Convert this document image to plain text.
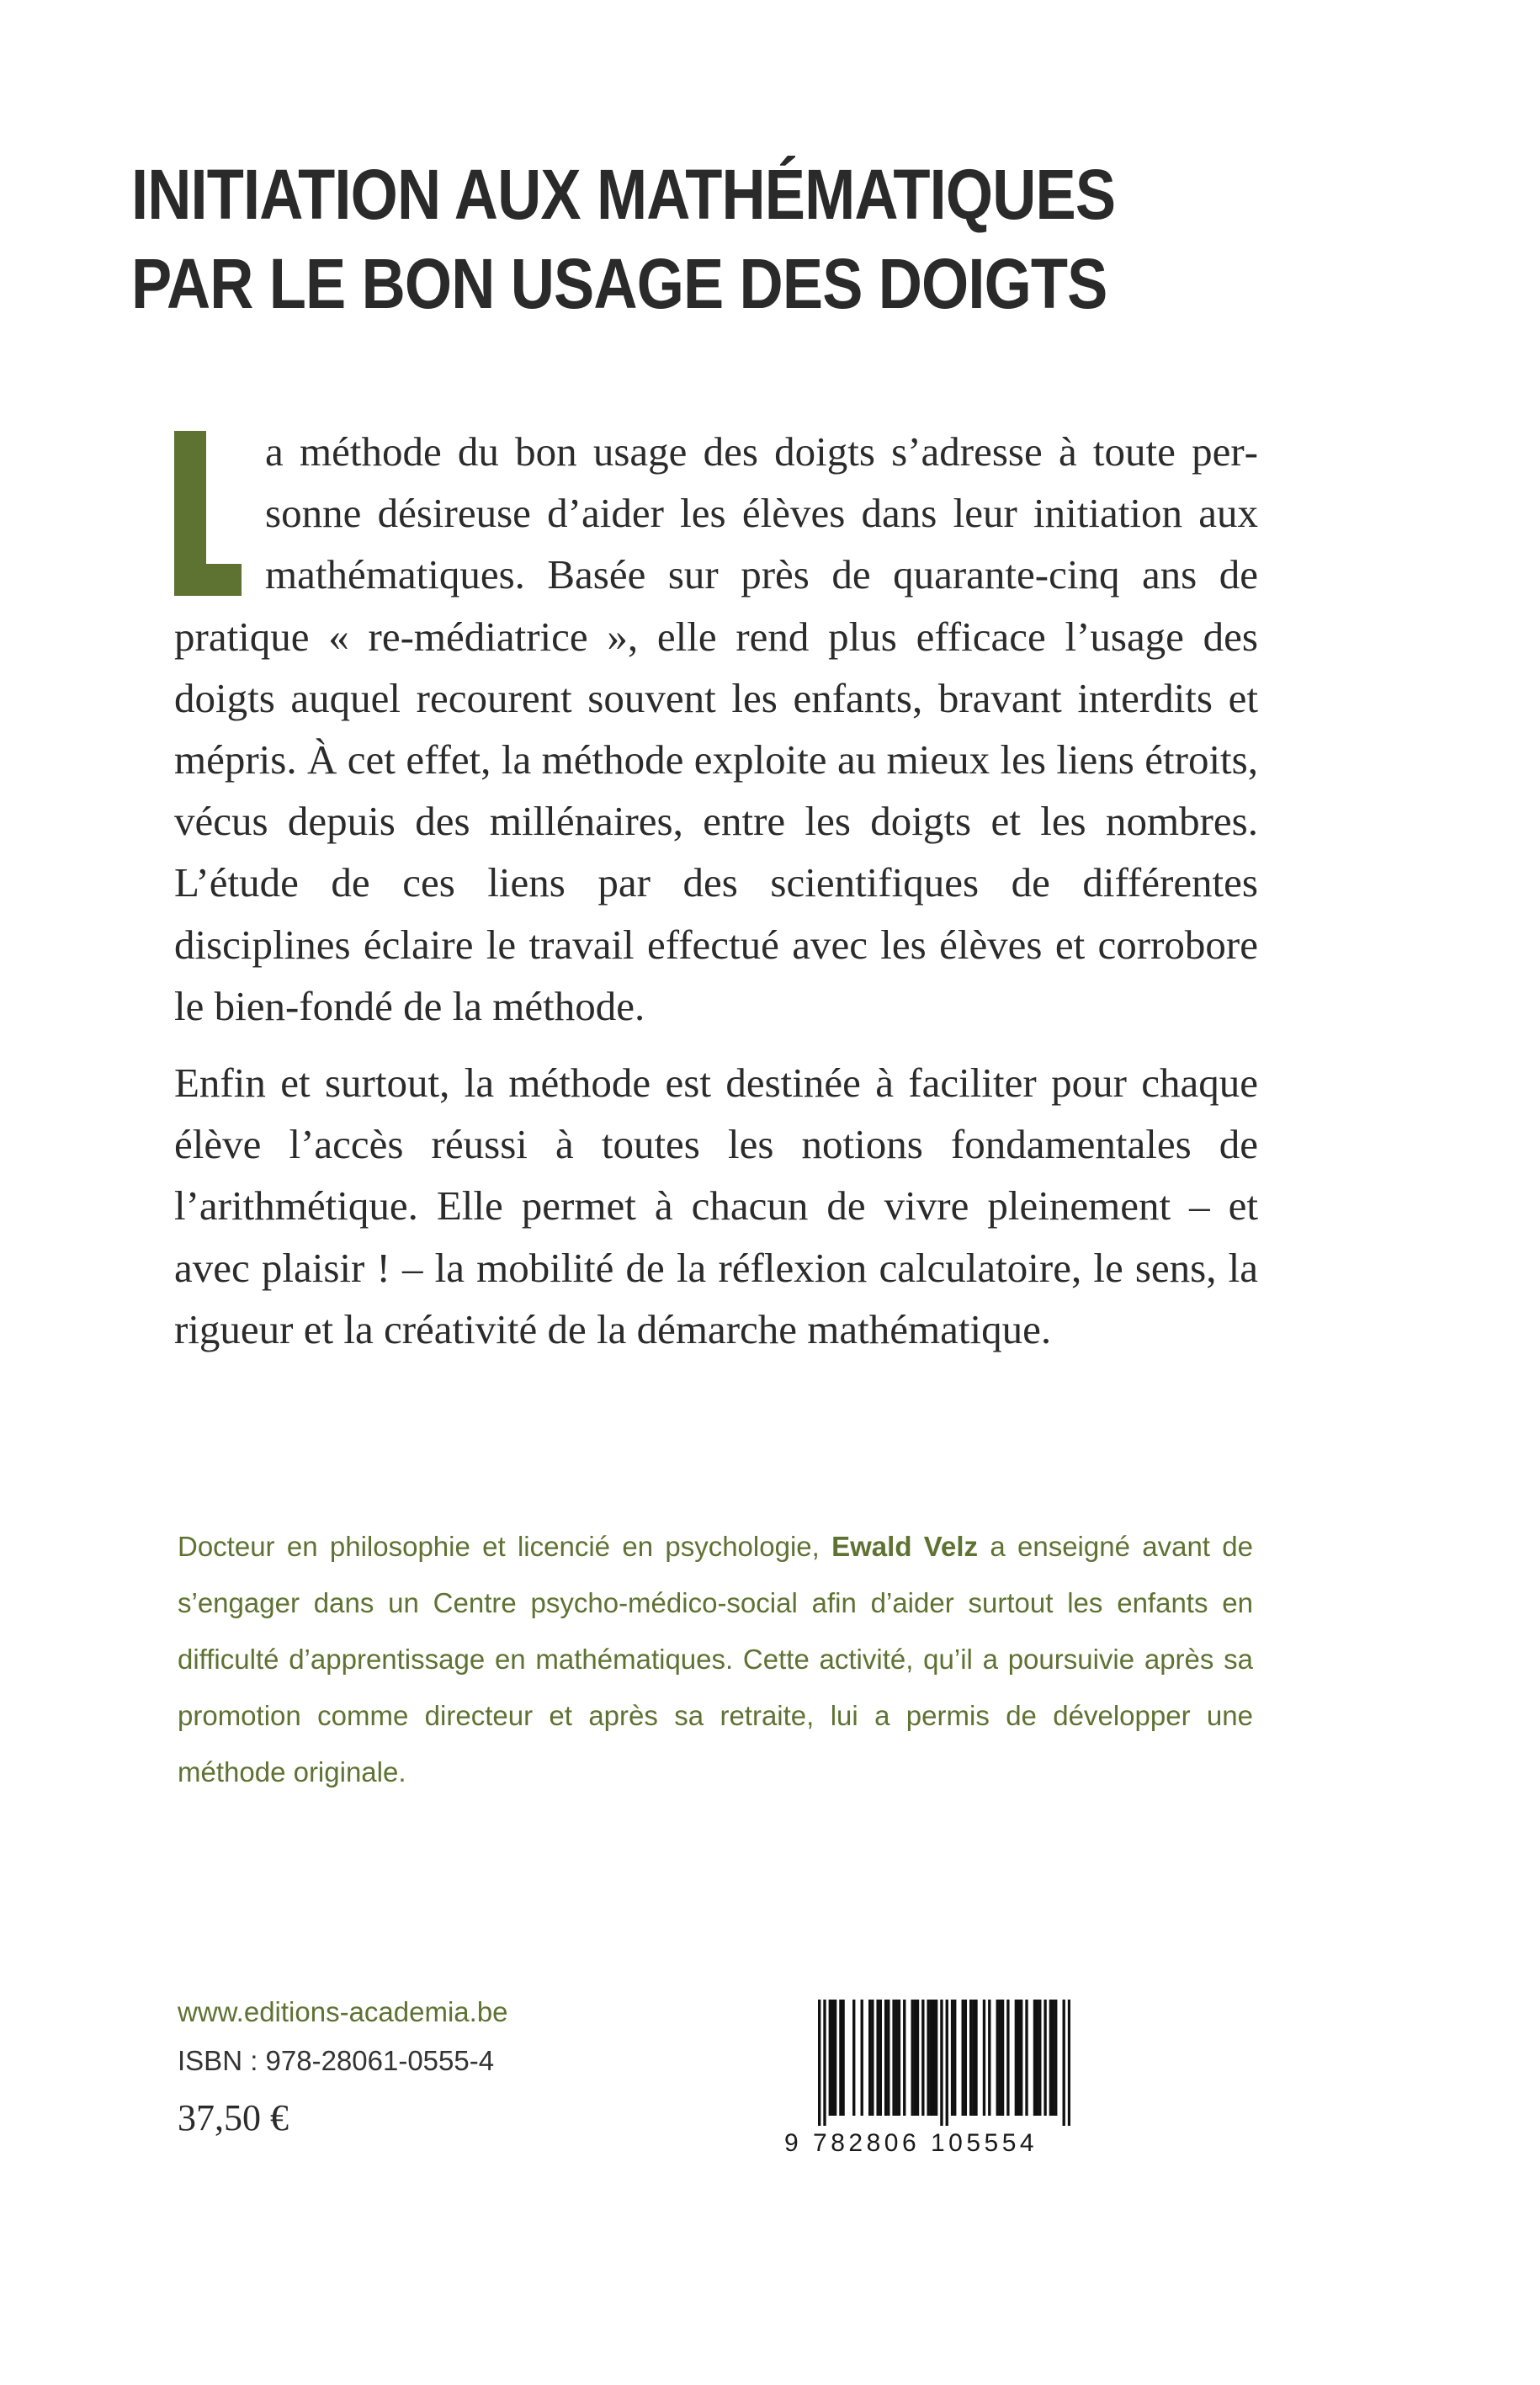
INITIATION AUX MATHÉMATIQUES
PAR LE BON USAGE DES DOIGTS

a méthode du bon usage des doigts s’adresse à toute personne désireuse d’aider les élèves dans leur initiation aux mathématiques. Basée sur près de quarante-cinq ans de pratique « re-médiatrice », elle rend plus efficace l’usage des doigts auquel recourent souvent les enfants, bravant interdits et mépris. À cet effet, la méthode exploite au mieux les liens étroits, vécus depuis des millénaires, entre les doigts et les nombres. L’étude de ces liens par des scientifiques de différentes disciplines éclaire le travail effectué avec les élèves et corrobore le bien-fondé de la méthode.

Enfin et surtout, la méthode est destinée à faciliter pour chaque élève l’accès réussi à toutes les notions fondamentales de l’arithmétique. Elle permet à chacun de vivre pleinement – et avec plaisir ! – la mobilité de la réflexion calculatoire, le sens, la rigueur et la créativité de la démarche mathématique.

Docteur en philosophie et licencié en psychologie, Ewald Velz a enseigné avant de s’engager dans un Centre psycho-médico-social afin d’aider surtout les enfants en difficulté d’apprentissage en mathématiques. Cette activité, qu’il a poursuivie après sa promotion comme directeur et après sa retraite, lui a permis de développer une méthode originale.

www.editions-academia.be
ISBN : 978-28061-0555-4
37,50 €
9 782806 105554
